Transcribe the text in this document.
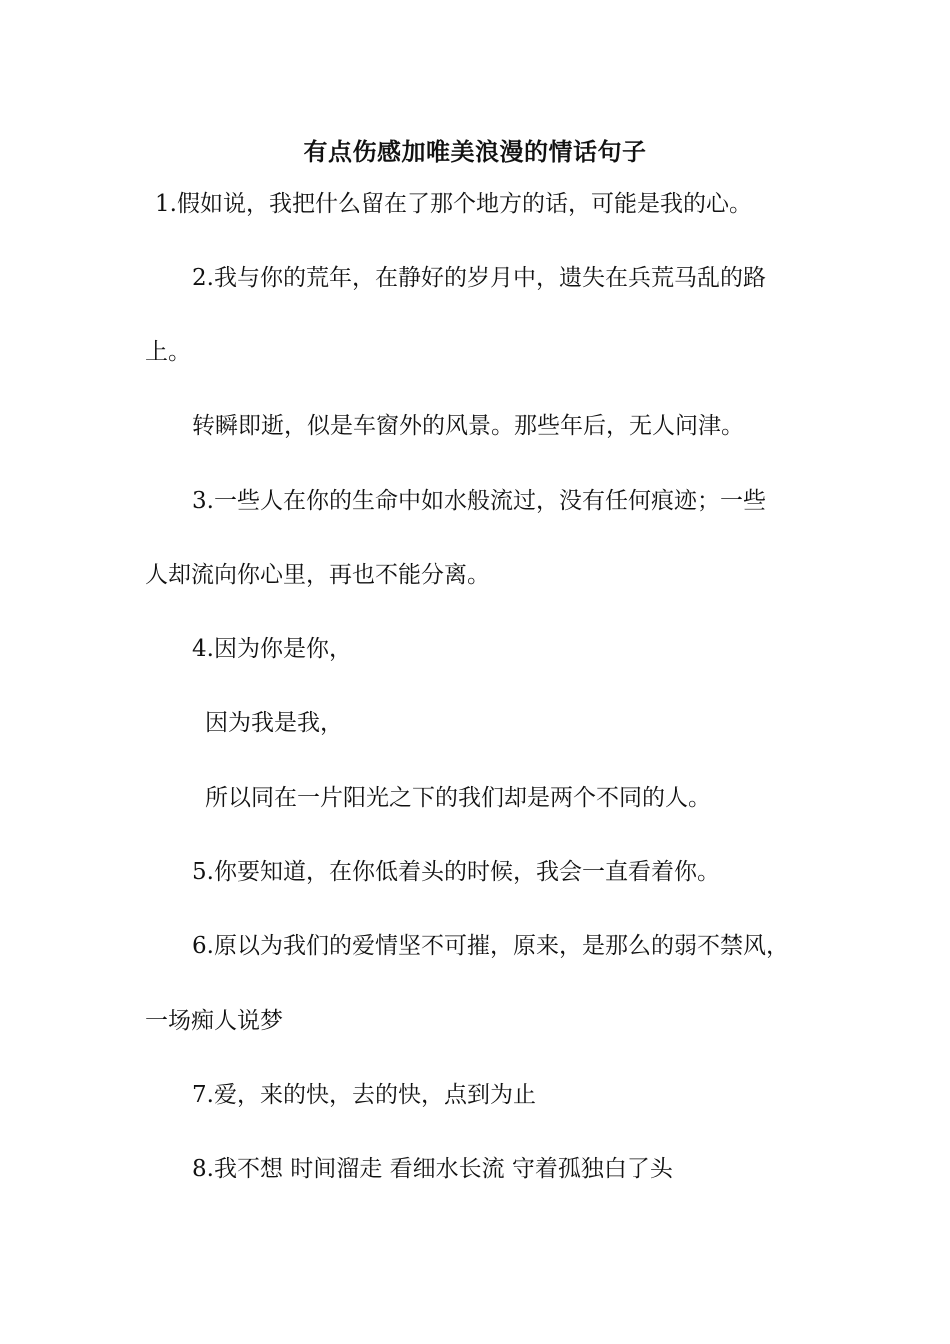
有点伤感加唯美浪漫的情话句子
1.假如说，我把什么留在了那个地方的话，可能是我的心。
2.我与你的荒年，在静好的岁月中，遗失在兵荒马乱的路
上。
转瞬即逝，似是车窗外的风景。那些年后，无人问津。
3.一些人在你的生命中如水般流过，没有任何痕迹；一些
人却流向你心里，再也不能分离。
4.因为你是你，
因为我是我，
所以同在一片阳光之下的我们却是两个不同的人。
5.你要知道，在你低着头的时候，我会一直看着你。
6.原以为我们的爱情坚不可摧，原来，是那么的弱不禁风，
一场痴人说梦
7.爱，来的快，去的快，点到为止
8.我不想 时间溜走 看细水长流 守着孤独白了头
